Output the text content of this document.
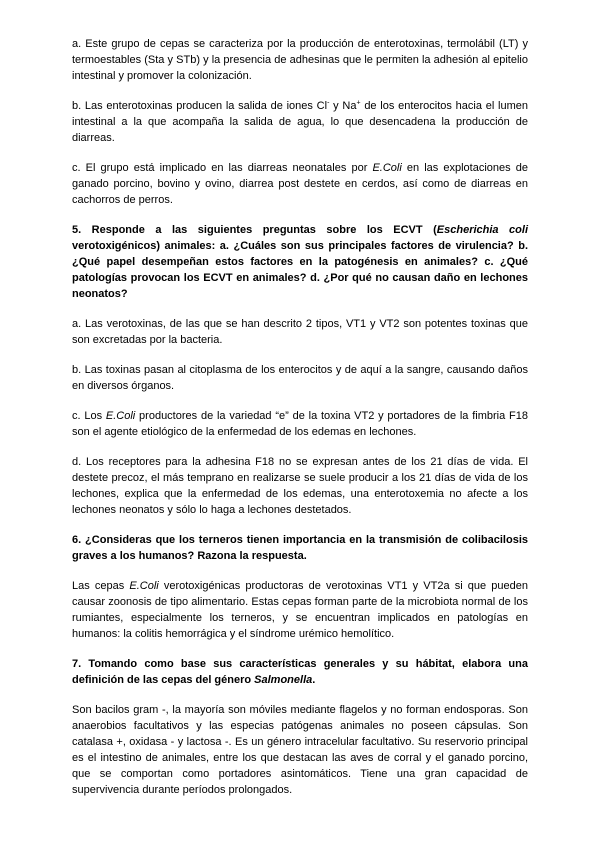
a. Este grupo de cepas se caracteriza por la producción de enterotoxinas, termolábil (LT) y termoestables (Sta y STb) y la presencia de adhesinas que le permiten la adhesión al epitelio intestinal y promover la colonización.

b. Las enterotoxinas producen la salida de iones Cl- y Na+ de los enterocitos hacia el lumen intestinal a la que acompaña la salida de agua, lo que desencadena la producción de diarreas.

c. El grupo está implicado en las diarreas neonatales por E.Coli en las explotaciones de ganado porcino, bovino y ovino, diarrea post destete en cerdos, así como de diarreas en cachorros de perros.

5. Responde a las siguientes preguntas sobre los ECVT (Escherichia coli verotoxigénicos) animales: a. ¿Cuáles son sus principales factores de virulencia? b. ¿Qué papel desempeñan estos factores en la patogénesis en animales? c. ¿Qué patologías provocan los ECVT en animales? d. ¿Por qué no causan daño en lechones neonatos?

a. Las verotoxinas, de las que se han descrito 2 tipos, VT1 y VT2 son potentes toxinas que son excretadas por la bacteria.

b. Las toxinas pasan al citoplasma de los enterocitos y de aquí a la sangre, causando daños en diversos órganos.

c. Los E.Coli productores de la variedad “e” de la toxina VT2 y portadores de la fimbria F18 son el agente etiológico de la enfermedad de los edemas en lechones.

d. Los receptores para la adhesina F18 no se expresan antes de los 21 días de vida. El destete precoz, el más temprano en realizarse se suele producir a los 21 días de vida de los lechones, explica que la enfermedad de los edemas, una enterotoxemia no afecte a los lechones neonatos y sólo lo haga a lechones destetados.

6. ¿Consideras que los terneros tienen importancia en la transmisión de colibacilosis graves a los humanos? Razona la respuesta.

Las cepas E.Coli verotoxigénicas productoras de verotoxinas VT1 y VT2a si que pueden causar zoonosis de tipo alimentario. Estas cepas forman parte de la microbiota normal de los rumiantes, especialmente los terneros, y se encuentran implicados en patologías en humanos: la colitis hemorrágica y el síndrome urémico hemolítico.

7. Tomando como base sus características generales y su hábitat, elabora una definición de las cepas del género Salmonella.

Son bacilos gram -, la mayoría son móviles mediante flagelos y no forman endosporas. Son anaerobios facultativos y las especias patógenas animales no poseen cápsulas. Son catalasa +, oxidasa - y lactosa -. Es un género intracelular facultativo. Su reservorio principal es el intestino de animales, entre los que destacan las aves de corral y el ganado porcino, que se comportan como portadores asintomáticos. Tiene una gran capacidad de supervivencia durante períodos prolongados.
